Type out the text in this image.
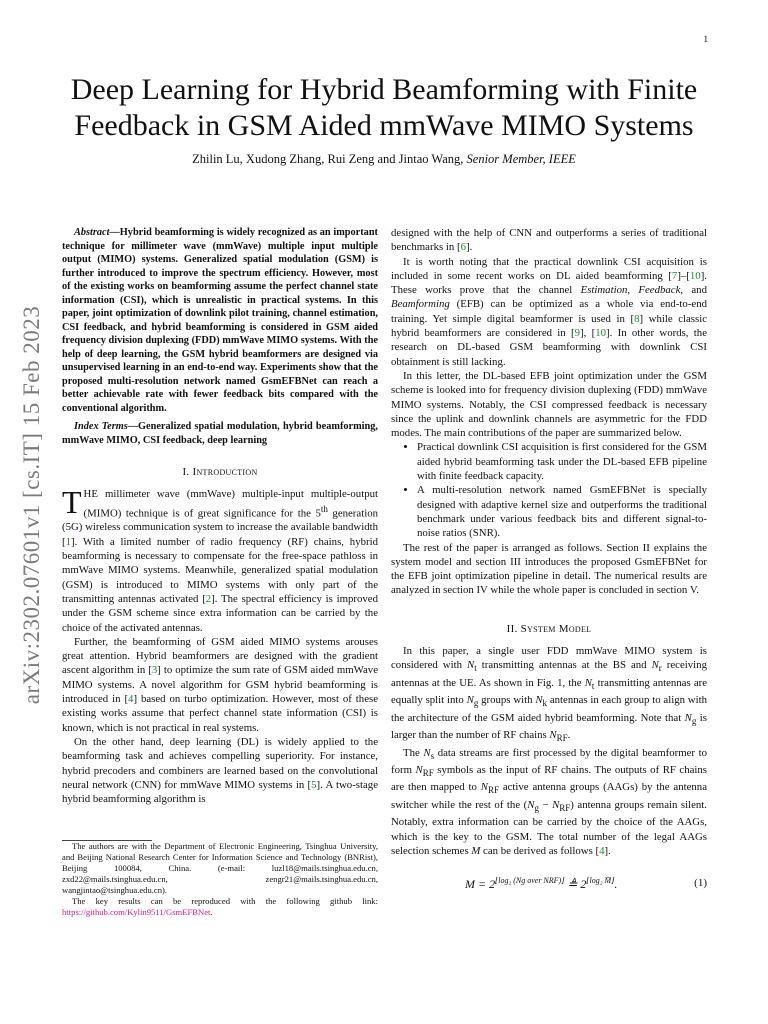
1
arXiv:2302.07601v1 [cs.IT] 15 Feb 2023
Deep Learning for Hybrid Beamforming with Finite Feedback in GSM Aided mmWave MIMO Systems
Zhilin Lu, Xudong Zhang, Rui Zeng and Jintao Wang, Senior Member, IEEE

Abstract—Hybrid beamforming is widely recognized as an important technique for millimeter wave (mmWave) multiple input multiple output (MIMO) systems. Generalized spatial modulation (GSM) is further introduced to improve the spectrum efficiency. However, most of the existing works on beamforming assume the perfect channel state information (CSI), which is unrealistic in practical systems. In this paper, joint optimization of downlink pilot training, channel estimation, CSI feedback, and hybrid beamforming is considered in GSM aided frequency division duplexing (FDD) mmWave MIMO systems. With the help of deep learning, the GSM hybrid beamformers are designed via unsupervised learning in an end-to-end way. Experiments show that the proposed multi-resolution network named GsmEFBNet can reach a better achievable rate with fewer feedback bits compared with the conventional algorithm.

Index Terms—Generalized spatial modulation, hybrid beamforming, mmWave MIMO, CSI feedback, deep learning

I. Introduction

THE millimeter wave (mmWave) multiple-input multiple-output (MIMO) technique is of great significance for the 5th generation (5G) wireless communication system to increase the available bandwidth [1]. With a limited number of radio frequency (RF) chains, hybrid beamforming is necessary to compensate for the free-space pathloss in mmWave MIMO systems. Meanwhile, generalized spatial modulation (GSM) is introduced to MIMO systems with only part of the transmitting antennas activated [2]. The spectral efficiency is improved under the GSM scheme since extra information can be carried by the choice of the activated antennas.

Further, the beamforming of GSM aided MIMO systems arouses great attention. Hybrid beamformers are designed with the gradient ascent algorithm in [3] to optimize the sum rate of GSM aided mmWave MIMO systems. A novel algorithm for GSM hybrid beamforming is introduced in [4] based on turbo optimization. However, most of these existing works assume that perfect channel state information (CSI) is known, which is not practical in real systems.

On the other hand, deep learning (DL) is widely applied to the beamforming task and achieves compelling superiority. For instance, hybrid precoders and combiners are learned based on the convolutional neural network (CNN) for mmWave MIMO systems in [5]. A two-stage hybrid beamforming algorithm is

The authors are with the Department of Electronic Engineering, Tsinghua University, and Beijing National Research Center for Information Science and Technology (BNRist), Beijing 100084, China. (e-mail: luzl18@mails.tsinghua.edu.cn, zxd22@mails.tsinghua.edu.cn, zengr21@mails.tsinghua.edu.cn, wangjintao@tsinghua.edu.cn).

The key results can be reproduced with the following github link: https://github.com/Kylin9511/GsmEFBNet.

designed with the help of CNN and outperforms a series of traditional benchmarks in [6].

It is worth noting that the practical downlink CSI acquisition is included in some recent works on DL aided beamforming [7]–[10]. These works prove that the channel Estimation, Feedback, and Beamforming (EFB) can be optimized as a whole via end-to-end training. Yet simple digital beamformer is used in [8] while classic hybrid beamformers are considered in [9], [10]. In other words, the research on DL-based GSM beamforming with downlink CSI obtainment is still lacking.

In this letter, the DL-based EFB joint optimization under the GSM scheme is looked into for frequency division duplexing (FDD) mmWave MIMO systems. Notably, the CSI compressed feedback is necessary since the uplink and downlink channels are asymmetric for the FDD modes. The main contributions of the paper are summarized below.

• Practical downlink CSI acquisition is first considered for the GSM aided hybrid beamforming task under the DL-based EFB pipeline with finite feedback capacity.
• A multi-resolution network named GsmEFBNet is specially designed with adaptive kernel size and outperforms the traditional benchmark under various feedback bits and different signal-to-noise ratios (SNR).

The rest of the paper is arranged as follows. Section II explains the system model and section III introduces the proposed GsmEFBNet for the EFB joint optimization pipeline in detail. The numerical results are analyzed in section IV while the whole paper is concluded in section V.

II. System Model

In this paper, a single user FDD mmWave MIMO system is considered with $N_t$ transmitting antennas at the BS and $N_r$ receiving antennas at the UE. As shown in Fig. 1, the $N_t$ transmitting antennas are equally split into $N_g$ groups with $N_k$ antennas in each group to align with the architecture of the GSM aided hybrid beamforming. Note that $N_g$ is larger than the number of RF chains $N_{RF}$.

The $N_s$ data streams are first processed by the digital beamformer to form $N_{RF}$ symbols as the input of RF chains. The outputs of RF chains are then mapped to $N_{RF}$ active antenna groups (AAGs) by the antenna switcher while the rest of the $(N_g - N_{RF})$ antenna groups remain silent. Notably, extra information can be carried by the choice of the AAGs, which is the key to the GSM. The total number of the legal AAGs selection schemes M can be derived as follows [4].

$M = 2^{⌊log_2 (Ng over NRF)⌋}$ ≜ $2^{⌊log_2 M̄⌋}$.	(1)
